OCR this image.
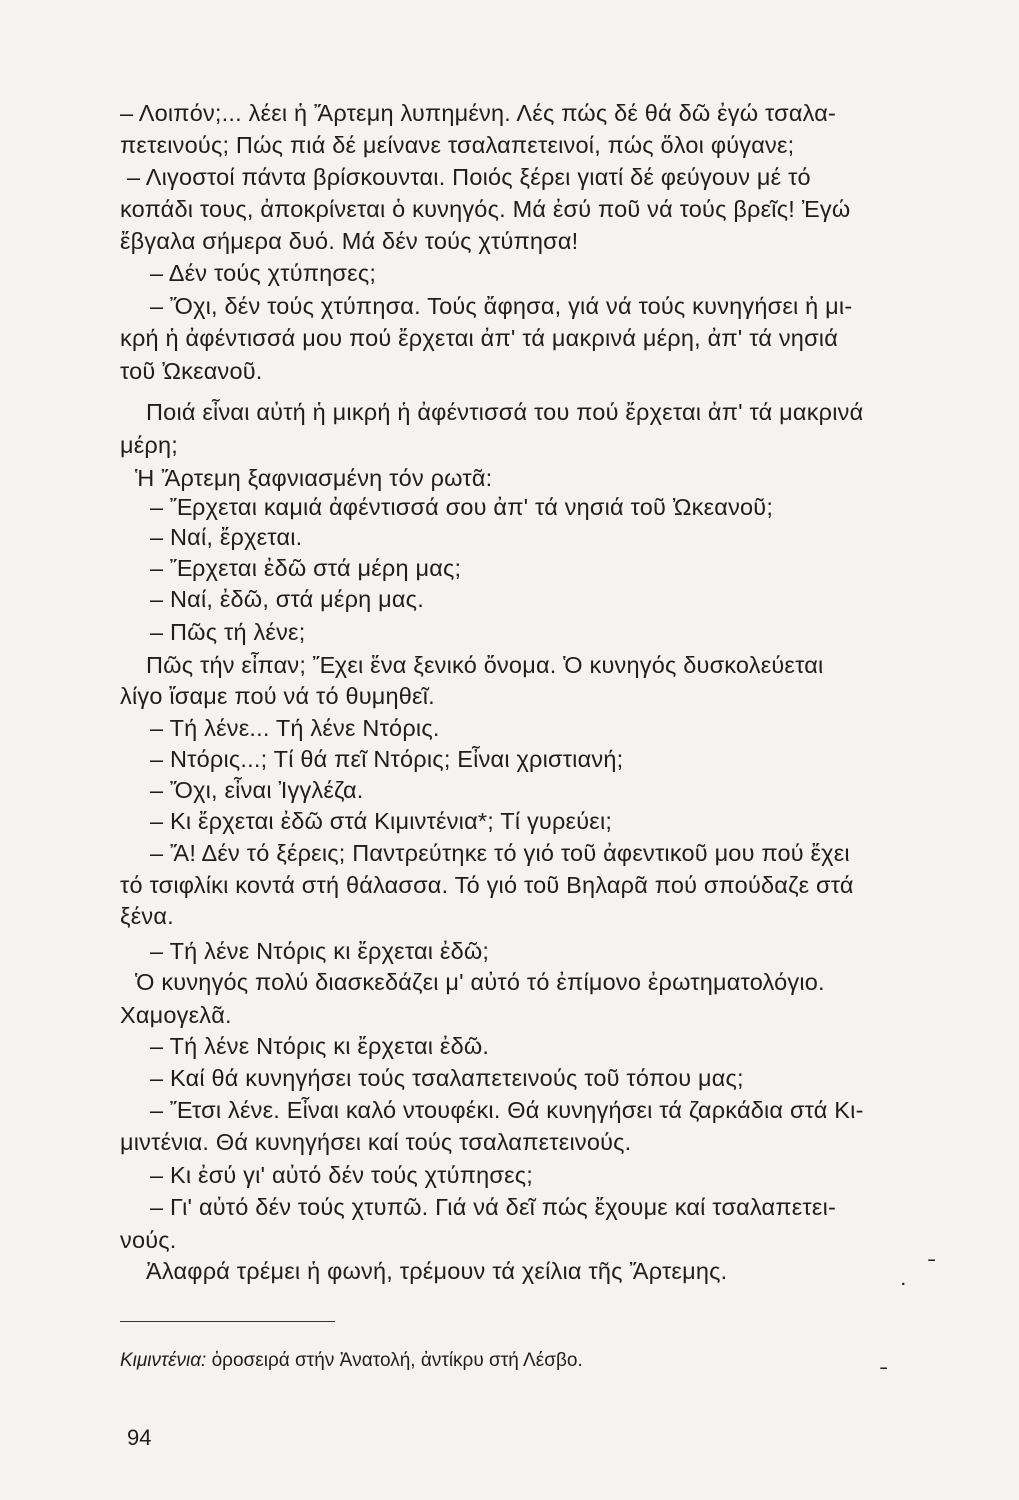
– Λοιπόν;... λέει ἡ Ἄρτεμη λυπημένη. Λές πώς δέ θά δῶ ἐγώ τσαλα-
πετεινούς; Πώς πιά δέ μείνανε τσαλαπετεινοί, πώς ὅλοι φύγανε;
– Λιγοστοί πάντα βρίσκουνται. Ποιός ξέρει γιατί δέ φεύγουν μέ τό
κοπάδι τους, ἀποκρίνεται ὁ κυνηγός. Μά ἐσύ ποῦ νά τούς βρεῖς! Ἐγώ
ἔβγαλα σήμερα δυό. Μά δέν τούς χτύπησα!
– Δέν τούς χτύπησες;
– Ὄχι, δέν τούς χτύπησα. Τούς ἄφησα, γιά νά τούς κυνηγήσει ἡ μι-
κρή ἡ ἀφέντισσά μου πού ἔρχεται ἀπ' τά μακρινά μέρη, ἀπ' τά νησιά
τοῦ Ὠκεανοῦ.
Ποιά εἶναι αὐτή ἡ μικρή ἡ ἀφέντισσά του πού ἔρχεται ἀπ' τά μακρινά
μέρη;
Ἡ Ἄρτεμη ξαφνιασμένη τόν ρωτᾶ:
– Ἔρχεται καμιά ἀφέντισσά σου ἀπ' τά νησιά τοῦ Ὠκεανοῦ;
– Ναί, ἔρχεται.
– Ἔρχεται ἐδῶ στά μέρη μας;
– Ναί, ἐδῶ, στά μέρη μας.
– Πῶς τή λένε;
Πῶς τήν εἶπαν; Ἔχει ἕνα ξενικό ὄνομα. Ὁ κυνηγός δυσκολεύεται
λίγο ἴσαμε πού νά τό θυμηθεῖ.
– Τή λένε... Τή λένε Ντόρις.
– Ντόρις...; Τί θά πεῖ Ντόρις; Εἶναι χριστιανή;
– Ὄχι, εἶναι Ἰγγλέζα.
– Κι ἔρχεται ἐδῶ στά Κιμιντένια*; Τί γυρεύει;
– Ἄ! Δέν τό ξέρεις; Παντρεύτηκε τό γιό τοῦ ἀφεντικοῦ μου πού ἔχει
τό τσιφλίκι κοντά στή θάλασσα. Τό γιό τοῦ Βηλαρᾶ πού σπούδαζε στά
ξένα.
– Τή λένε Ντόρις κι ἔρχεται ἐδῶ;
Ὁ κυνηγός πολύ διασκεδάζει μ' αὐτό τό ἐπίμονο ἐρωτηματολόγιο.
Χαμογελᾶ.
– Τή λένε Ντόρις κι ἔρχεται ἐδῶ.
– Καί θά κυνηγήσει τούς τσαλαπετεινούς τοῦ τόπου μας;
– Ἔτσι λένε. Εἶναι καλό ντουφέκι. Θά κυνηγήσει τά ζαρκάδια στά Κι-
μιντένια. Θά κυνηγήσει καί τούς τσαλαπετεινούς.
– Κι ἐσύ γι' αὐτό δέν τούς χτύπησες;
– Γι' αὐτό δέν τούς χτυπῶ. Γιά νά δεῖ πώς ἔχουμε καί τσαλαπετει-
νούς.
Ἀλαφρά τρέμει ἡ φωνή, τρέμουν τά χείλια τῆς Ἄρτεμης.
Κιμιντένια: ὀροσειρά στήν Ἀνατολή, ἀντίκρυ στή Λέσβο.
94
˗
ᐧ
˗
